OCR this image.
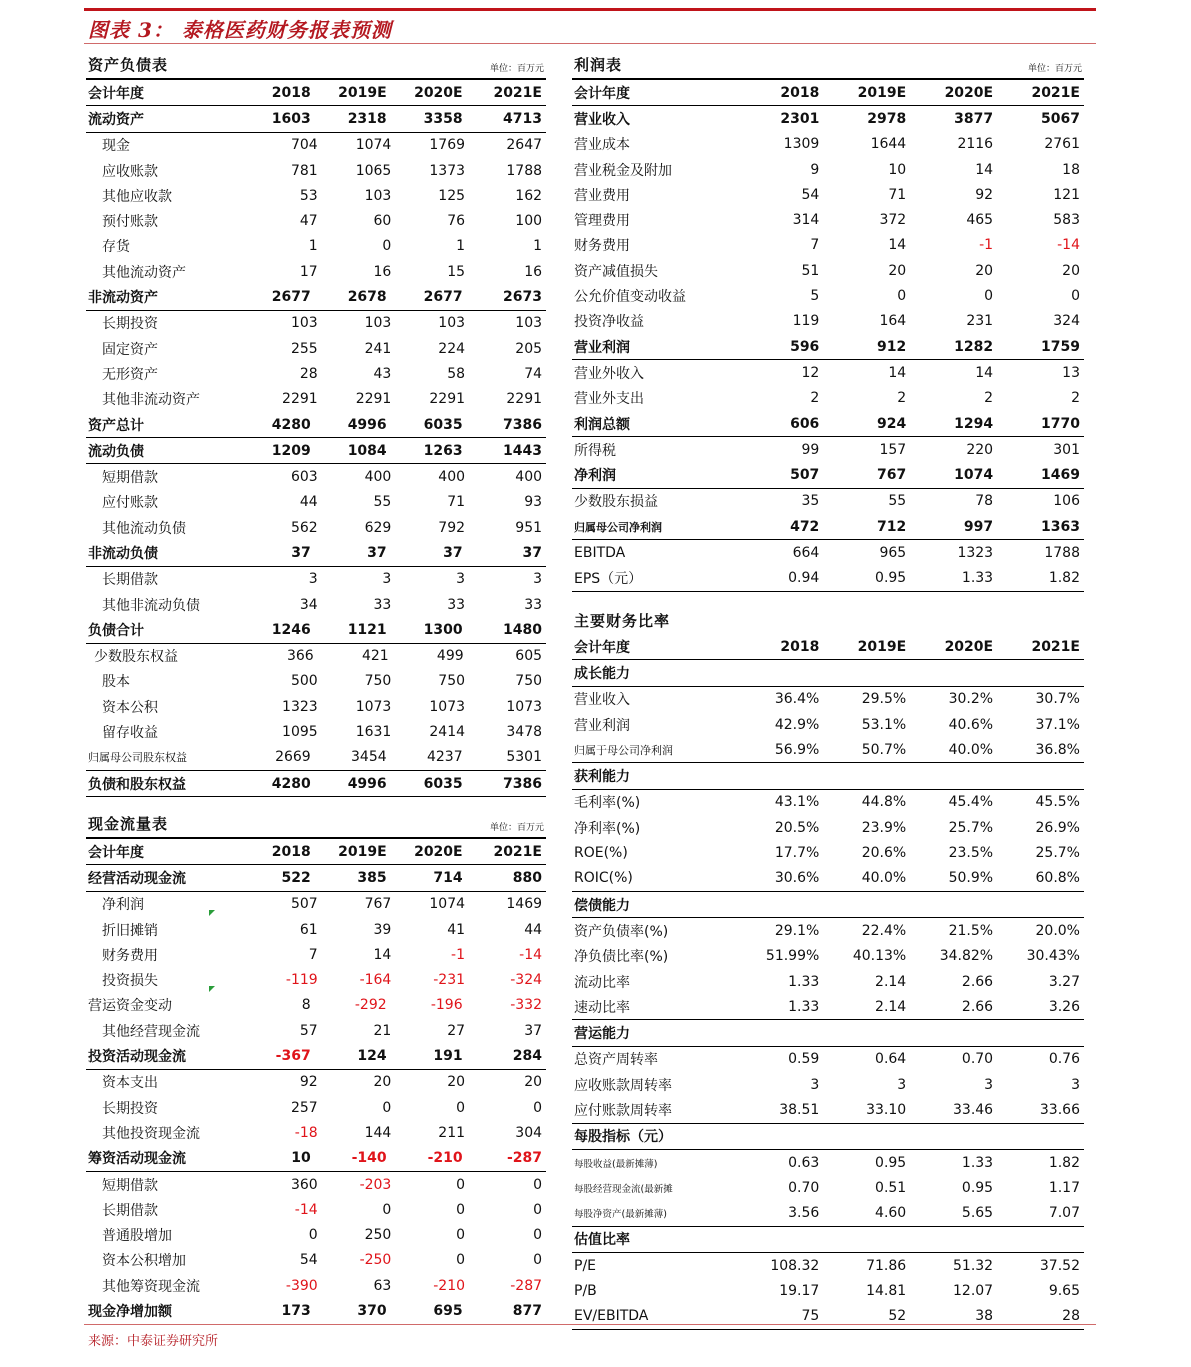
图表 3： 泰格医药财务报表预测
资产负债表	单位：百万元
会计年度	2018	2019E	2020E	2021E
流动资产	1603	2318	3358	4713
现金	704	1074	1769	2647
应收账款	781	1065	1373	1788
其他应收款	53	103	125	162
预付账款	47	60	76	100
存货	1	0	1	1
其他流动资产	17	16	15	16
非流动资产	2677	2678	2677	2673
长期投资	103	103	103	103
固定资产	255	241	224	205
无形资产	28	43	58	74
其他非流动资产	2291	2291	2291	2291
资产总计	4280	4996	6035	7386
流动负债	1209	1084	1263	1443
短期借款	603	400	400	400
应付账款	44	55	71	93
其他流动负债	562	629	792	951
非流动负债	37	37	37	37
长期借款	3	3	3	3
其他非流动负债	34	33	33	33
负债合计	1246	1121	1300	1480
少数股东权益	366	421	499	605
股本	500	750	750	750
资本公积	1323	1073	1073	1073
留存收益	1095	1631	2414	3478
归属母公司股东权益	2669	3454	4237	5301
负债和股东权益	4280	4996	6035	7386
利润表	单位：百万元
会计年度	2018	2019E	2020E	2021E
营业收入	2301	2978	3877	5067
营业成本	1309	1644	2116	2761
营业税金及附加	9	10	14	18
营业费用	54	71	92	121
管理费用	314	372	465	583
财务费用	7	14	-1	-14
资产减值损失	51	20	20	20
公允价值变动收益	5	0	0	0
投资净收益	119	164	231	324
营业利润	596	912	1282	1759
营业外收入	12	14	14	13
营业外支出	2	2	2	2
利润总额	606	924	1294	1770
所得税	99	157	220	301
净利润	507	767	1074	1469
少数股东损益	35	55	78	106
归属母公司净利润	472	712	997	1363
EBITDA	664	965	1323	1788
EPS（元）	0.94	0.95	1.33	1.82
现金流量表	单位：百万元
会计年度	2018	2019E	2020E	2021E
经营活动现金流	522	385	714	880
净利润	507	767	1074	1469
折旧摊销	61	39	41	44
财务费用	7	14	-1	-14
投资损失	-119	-164	-231	-324
营运资金变动	8	-292	-196	-332
其他经营现金流	57	21	27	37
投资活动现金流	-367	124	191	284
资本支出	92	20	20	20
长期投资	257	0	0	0
其他投资现金流	-18	144	211	304
筹资活动现金流	10	-140	-210	-287
短期借款	360	-203	0	0
长期借款	-14	0	0	0
普通股增加	0	250	0	0
资本公积增加	54	-250	0	0
其他筹资现金流	-390	63	-210	-287
现金净增加额	173	370	695	877
主要财务比率
会计年度	2018	2019E	2020E	2021E
成长能力
营业收入	36.4%	29.5%	30.2%	30.7%
营业利润	42.9%	53.1%	40.6%	37.1%
归属于母公司净利润	56.9%	50.7%	40.0%	36.8%
获利能力
毛利率(%)	43.1%	44.8%	45.4%	45.5%
净利率(%)	20.5%	23.9%	25.7%	26.9%
ROE(%)	17.7%	20.6%	23.5%	25.7%
ROIC(%)	30.6%	40.0%	50.9%	60.8%
偿债能力
资产负债率(%)	29.1%	22.4%	21.5%	20.0%
净负债比率(%)	51.99%	40.13%	34.82%	30.43%
流动比率	1.33	2.14	2.66	3.27
速动比率	1.33	2.14	2.66	3.26
营运能力
总资产周转率	0.59	0.64	0.70	0.76
应收账款周转率	3	3	3	3
应付账款周转率	38.51	33.10	33.46	33.66
每股指标（元）
每股收益(最新摊薄)	0.63	0.95	1.33	1.82
每股经营现金流(最新摊	0.70	0.51	0.95	1.17
每股净资产(最新摊薄)	3.56	4.60	5.65	7.07
估值比率
P/E	108.32	71.86	51.32	37.52
P/B	19.17	14.81	12.07	9.65
EV/EBITDA	75	52	38	28
来源：中泰证券研究所
